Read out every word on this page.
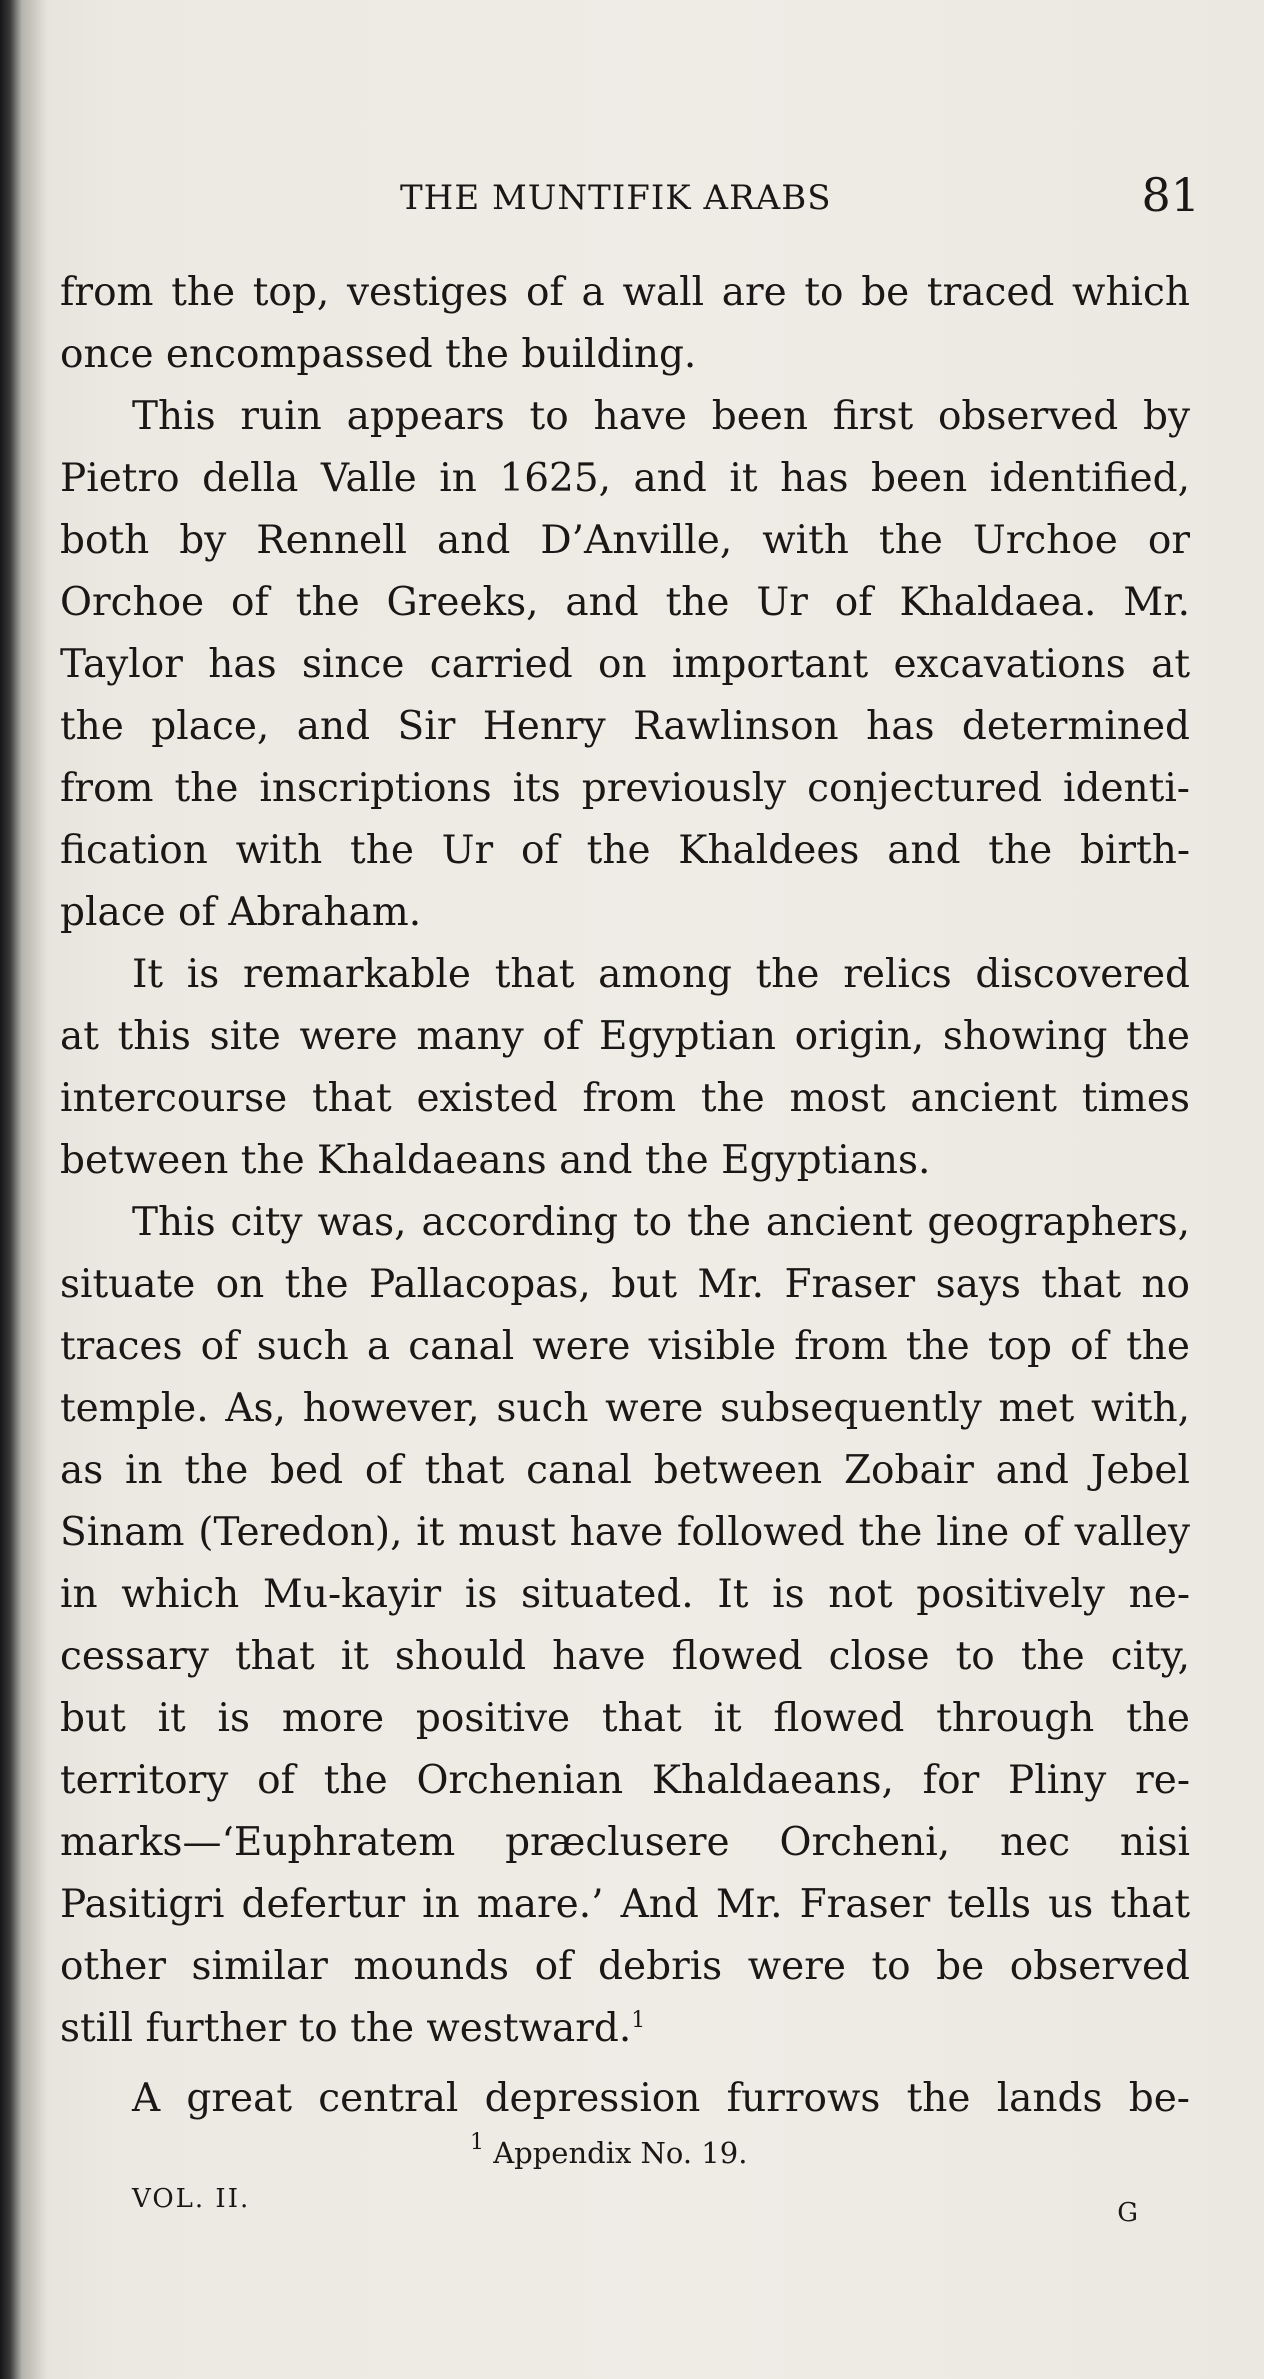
THE MUNTIFIK ARABS	81
from the top, vestiges of a wall are to be traced which
once encompassed the building.
This ruin appears to have been first observed by
Pietro della Valle in 1625, and it has been identified,
both by Rennell and D’Anville, with the Urchoe or
Orchoe of the Greeks, and the Ur of Khaldaea. Mr.
Taylor has since carried on important excavations at
the place, and Sir Henry Rawlinson has determined
from the inscriptions its previously conjectured identi-
fication with the Ur of the Khaldees and the birth-
place of Abraham.
It is remarkable that among the relics discovered
at this site were many of Egyptian origin, showing the
intercourse that existed from the most ancient times
between the Khaldaeans and the Egyptians.
This city was, according to the ancient geographers,
situate on the Pallacopas, but Mr. Fraser says that no
traces of such a canal were visible from the top of the
temple. As, however, such were subsequently met with,
as in the bed of that canal between Zobair and Jebel
Sinam (Teredon), it must have followed the line of valley
in which Mu-kayir is situated. It is not positively ne-
cessary that it should have flowed close to the city,
but it is more positive that it flowed through the
territory of the Orchenian Khaldaeans, for Pliny re-
marks—‘Euphratem præclusere Orcheni, nec nisi
Pasitigri defertur in mare.’ And Mr. Fraser tells us that
other similar mounds of debris were to be observed
still further to the westward.$^1$
A great central depression furrows the lands be-
$^1$ Appendix No. 19.
VOL. II.	G
